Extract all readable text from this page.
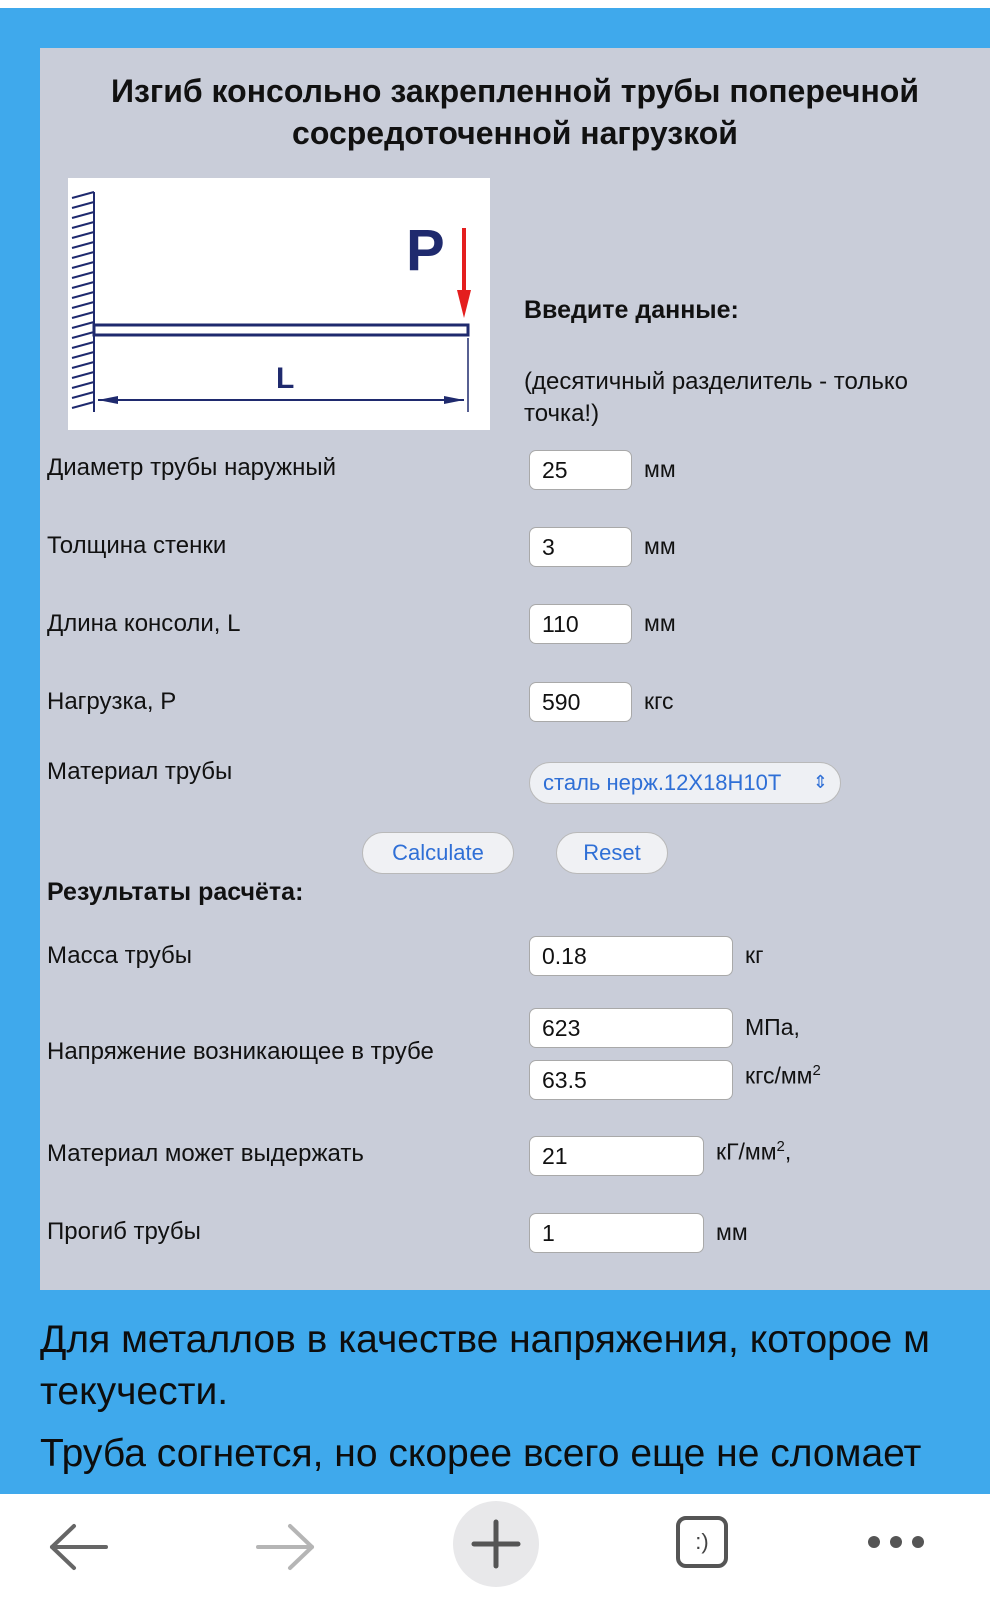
Изгиб консольно закрепленной трубы поперечной сосредоточенной нагрузкой
L
P
Введите данные:
(десятичный разделитель - только точка!)
Диаметр трубы наружный	25	мм
Толщина стенки	3	мм
Длина консоли, L	110	мм
Нагрузка, P	590	кгс
Материал трубы	сталь нерж.12Х18Н10Т ⇕
Calculate	Reset
Результаты расчёта:
Масса трубы	0.18	кг
Напряжение возникающее в трубе
623	МПа,
63.5	кгс/$мм^2$
Материал может выдержать	21	$кГ/мм^2$,
Прогиб трубы	1	мм
Для металлов в качестве напряжения, которое м
текучести.
Труба согнется, но скорее всего еще не сломает
:)
